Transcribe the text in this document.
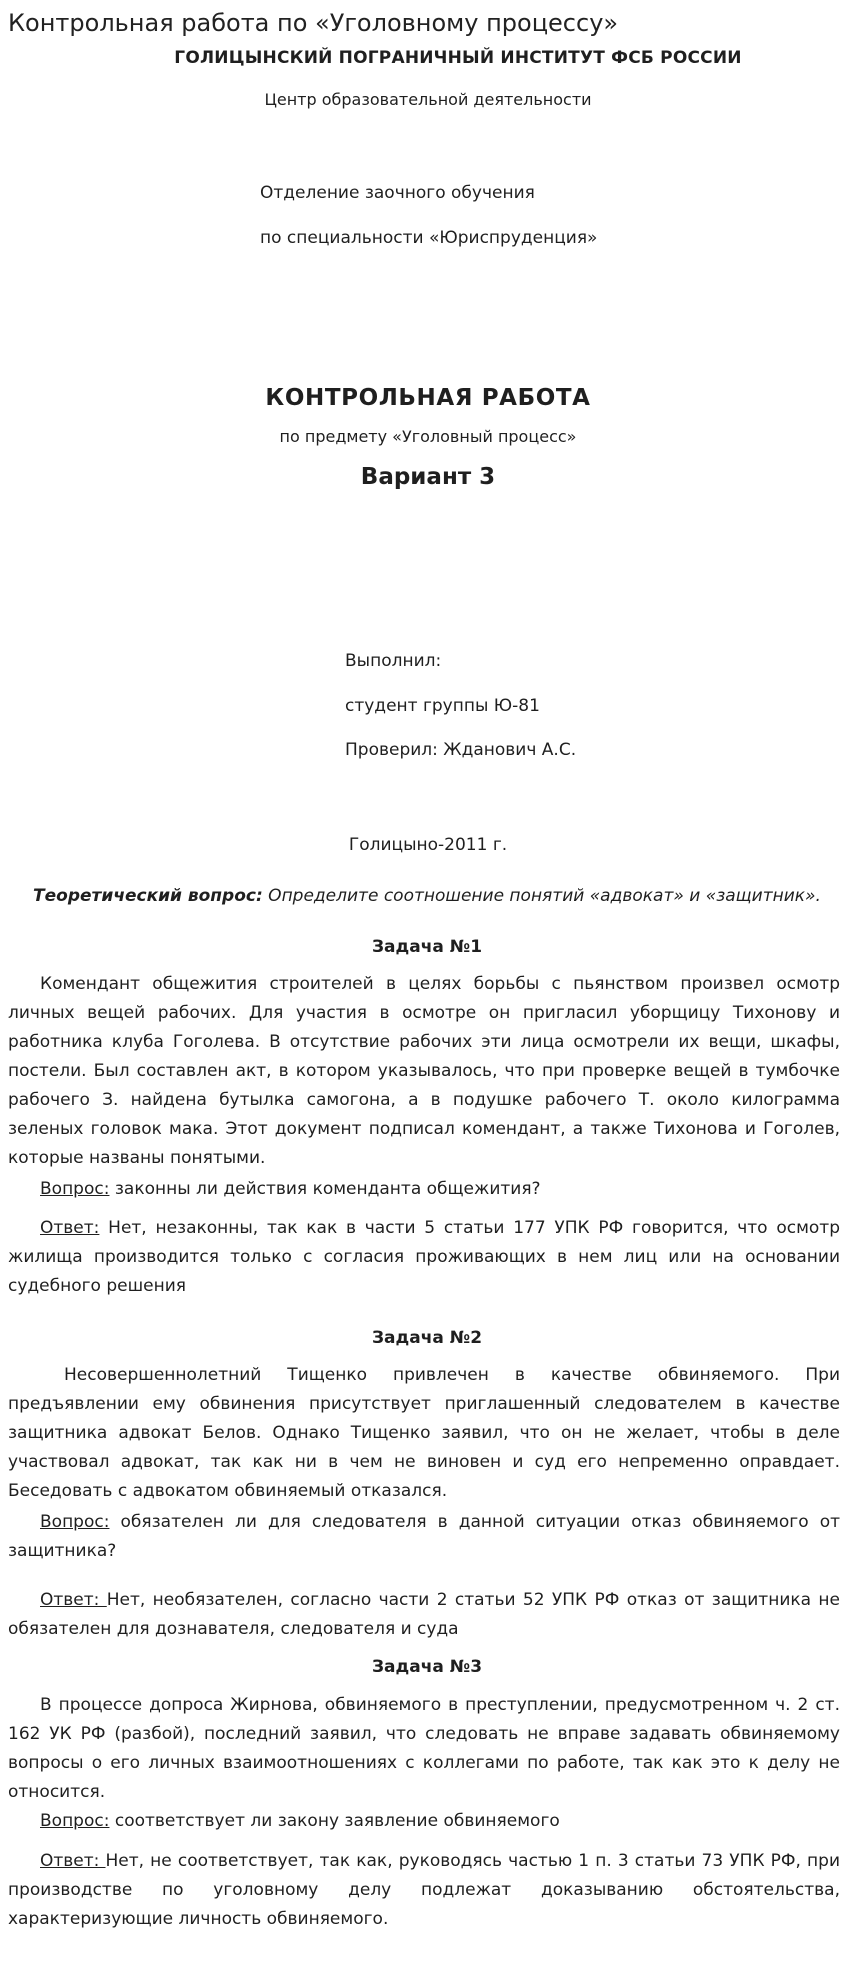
Контрольная работа по «Уголовному процессу»
ГОЛИЦЫНСКИЙ ПОГРАНИЧНЫЙ ИНСТИТУТ ФСБ РОССИИ
Центр образовательной деятельности
Отделение заочного обучения
по специальности «Юриспруденция»
КОНТРОЛЬНАЯ РАБОТА
по предмету «Уголовный процесс»
Вариант 3
Выполнил:
студент группы Ю-81
Проверил: Жданович А.С.
Голицыно-2011 г.
Теоретический вопрос: Определите соотношение понятий «адвокат» и «защитник».
Задача №1

Комендант общежития строителей в целях борьбы с пьянством произвел осмотр личных вещей рабочих. Для участия в осмотре он пригласил уборщицу Тихонову и работника клуба Гоголева. В отсутствие рабочих эти лица осмотрели их вещи, шкафы, постели. Был составлен акт, в котором указывалось, что при проверке вещей в тумбочке рабочего З. найдена бутылка самогона, а в подушке рабочего Т. около килограмма зеленых головок мака. Этот документ подписал комендант, а также Тихонова и Гоголев, которые названы понятыми.

Вопрос: законны ли действия коменданта общежития?

Ответ: Нет, незаконны, так как в части 5 статьи 177 УПК РФ говорится, что осмотр жилища производится только с согласия проживающих в нем лиц или на основании судебного решения

Задача №2

Несовершеннолетний Тищенко привлечен в качестве обвиняемого. При предъявлении ему обвинения присутствует приглашенный следователем в качестве защитника адвокат Белов. Однако Тищенко заявил, что он не желает, чтобы в деле участвовал адвокат, так как ни в чем не виновен и суд его непременно оправдает. Беседовать с адвокатом обвиняемый отказался.

Вопрос: обязателен ли для следователя в данной ситуации отказ обвиняемого от защитника?

Ответ: Нет, необязателен, согласно части 2 статьи 52 УПК РФ отказ от защитника не обязателен для дознавателя, следователя и суда

Задача №3

В процессе допроса Жирнова, обвиняемого в преступлении, предусмотренном ч. 2 ст. 162 УК РФ (разбой), последний заявил, что следовать не вправе задавать обвиняемому вопросы о его личных взаимоотношениях с коллегами по работе, так как это к делу не относится.

Вопрос: соответствует ли закону заявление обвиняемого

Ответ: Нет, не соответствует, так как, руководясь частью 1 п. 3 статьи 73 УПК РФ, при производстве по уголовному делу подлежат доказыванию обстоятельства, характеризующие личность обвиняемого.
